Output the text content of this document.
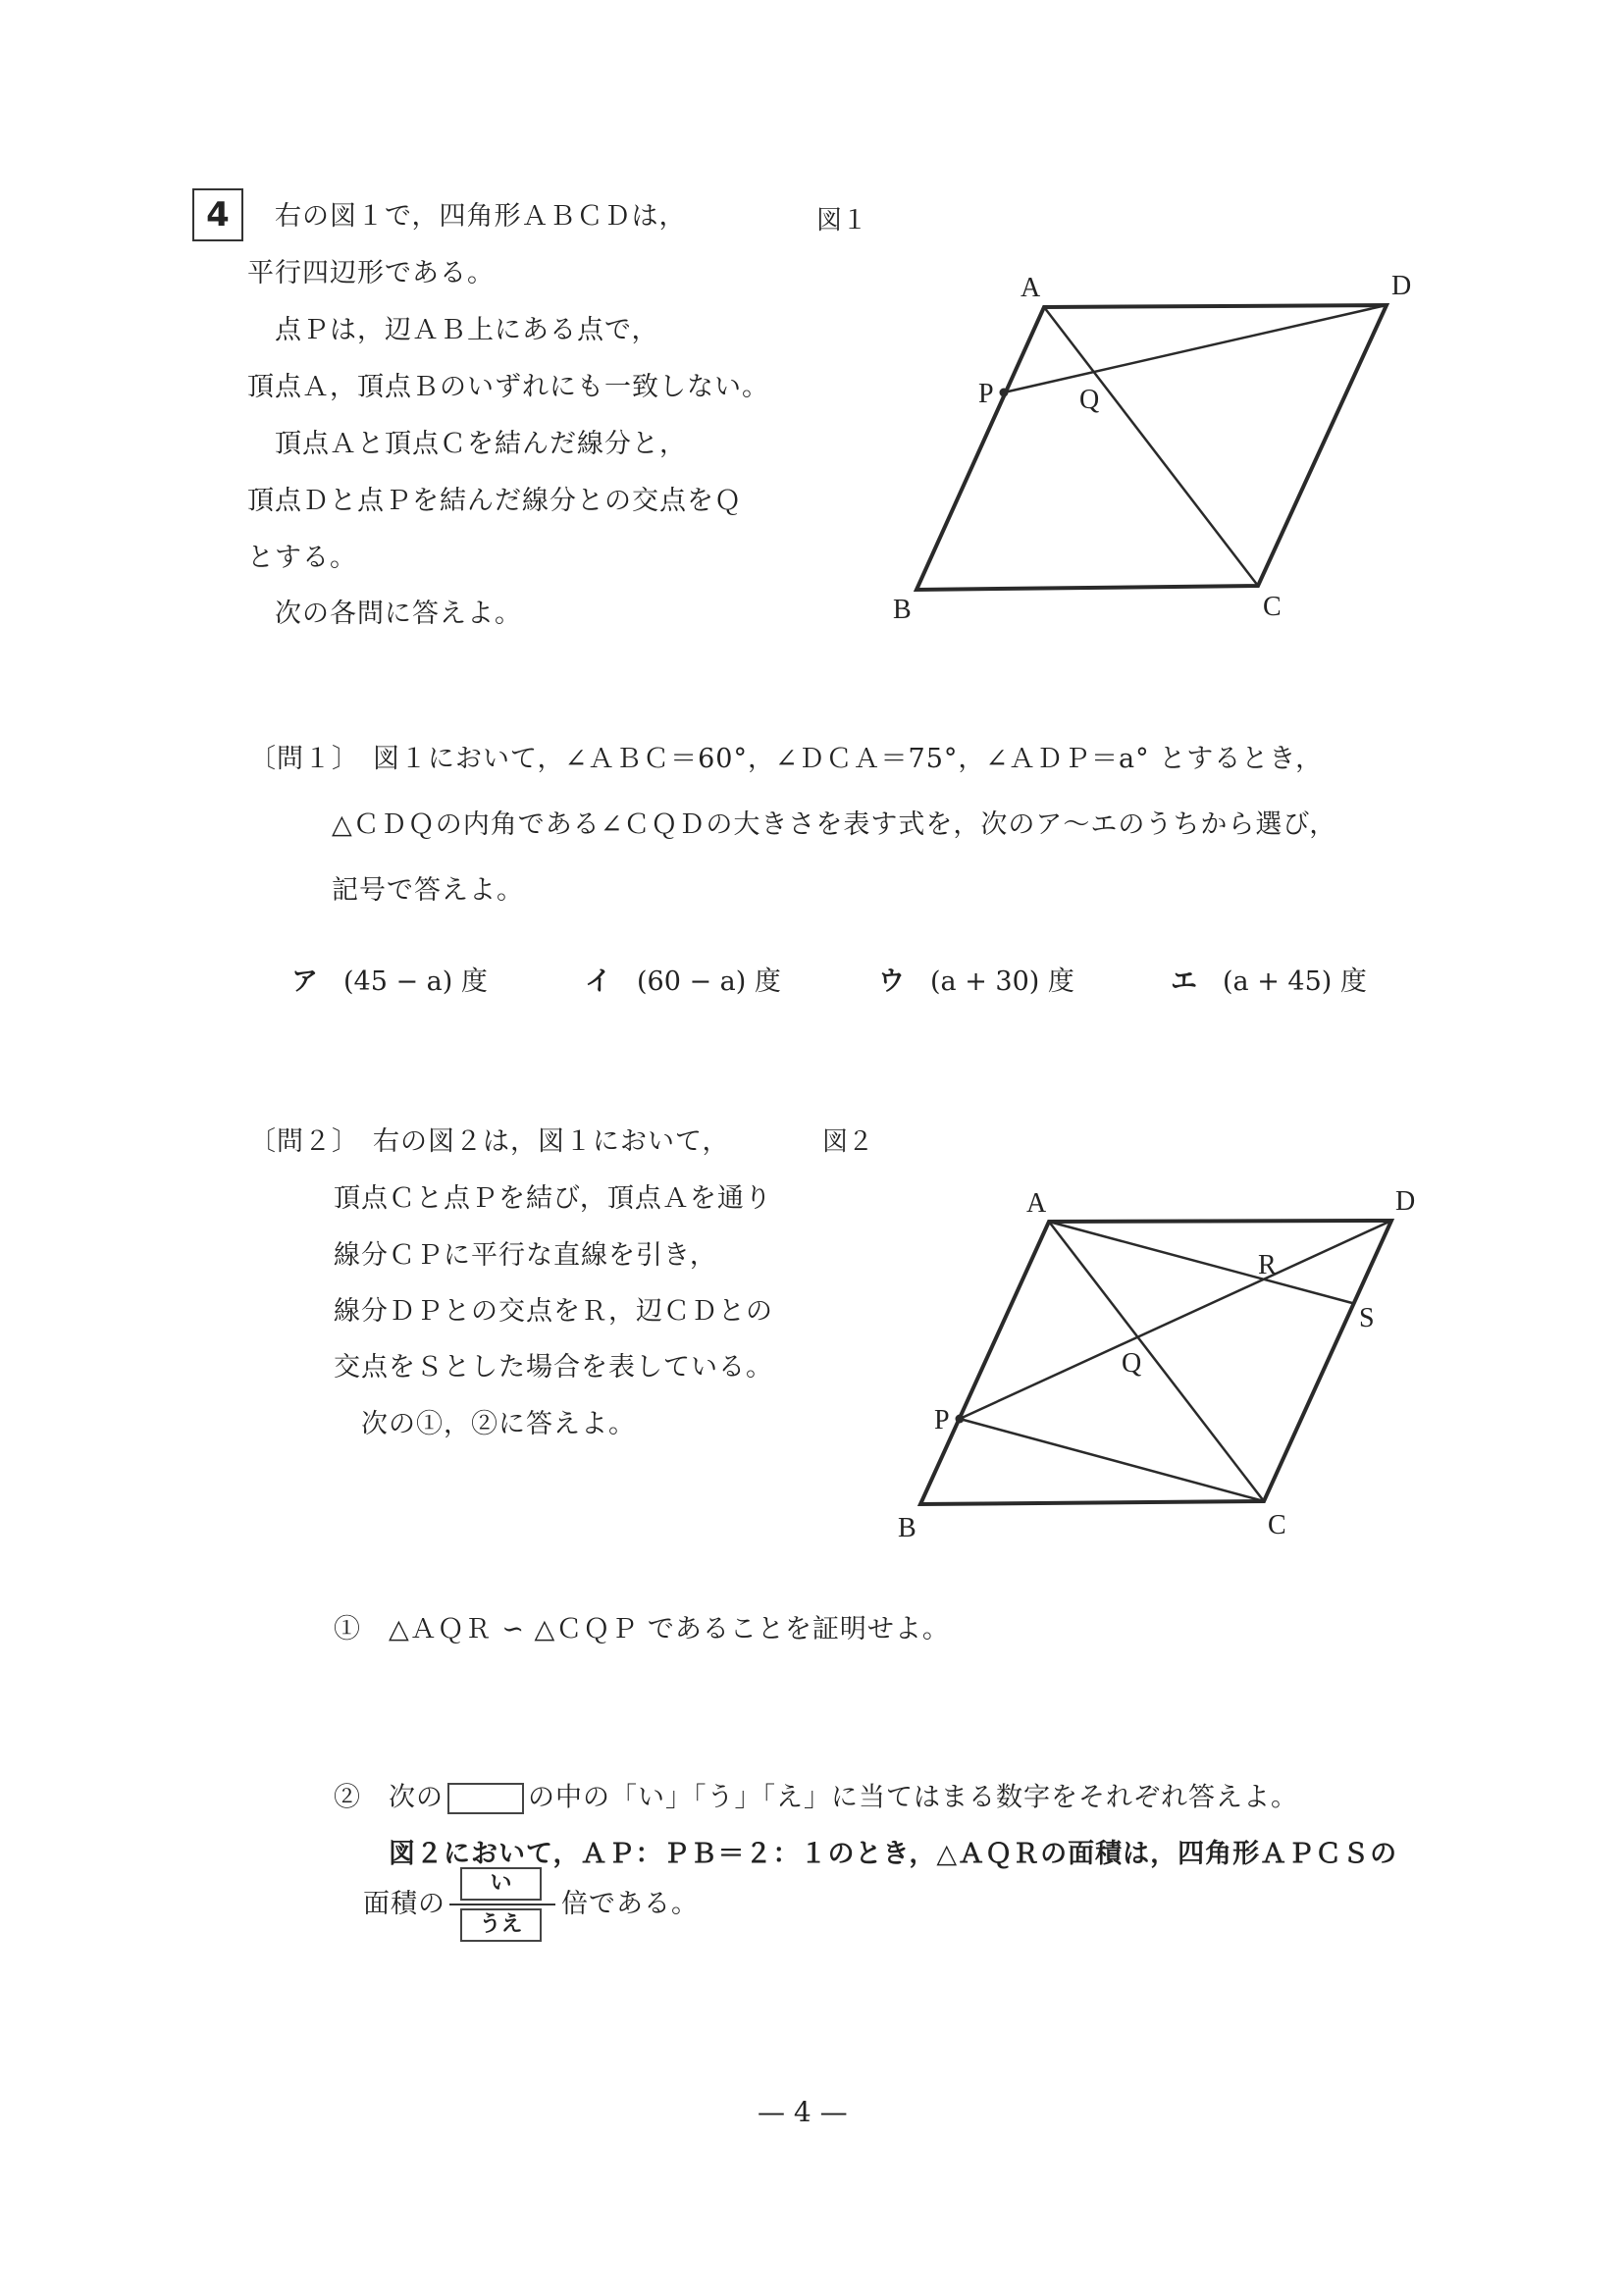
4	右の図１で，四角形ＡＢＣＤは，
平行四辺形である。
点Ｐは，辺ＡＢ上にある点で，
頂点Ａ，頂点Ｂのいずれにも一致しない。
頂点Ａと頂点Ｃを結んだ線分と，
頂点Ｄと点Ｐを結んだ線分との交点をＱ
とする。
次の各問に答えよ。
図１
A	D
P	Q
B	C
〔問１〕 図１において，∠ＡＢＣ＝60°，∠ＤＣＡ＝75°，∠ＡＤＰ＝a° とするとき，
△ＣＤＱの内角である∠ＣＱＤの大きさを表す式を，次のア〜エのうちから選び，
記号で答えよ。
ア (45 − a) 度	イ (60 − a) 度	ウ (a + 30) 度	エ (a + 45) 度
〔問２〕 右の図２は，図１において，
頂点Ｃと点Ｐを結び，頂点Ａを通り
線分ＣＰに平行な直線を引き，
線分ＤＰとの交点をＲ，辺ＣＤとの
交点をＳとした場合を表している。
次の①，②に答えよ。
図２
A	D
R
S
Q
P
B	C
①　△ＡＱＲ ∽ △ＣＱＰ であることを証明せよ。
②　次の	の中の「い」「う」「え」に当てはまる数字をそれぞれ答えよ。
図２において，ＡＰ：ＰＢ＝２：１のとき，△ＡＱＲの面積は，四角形ＡＰＣＳの
面積の
い
うえ
倍である。
— 4 —
